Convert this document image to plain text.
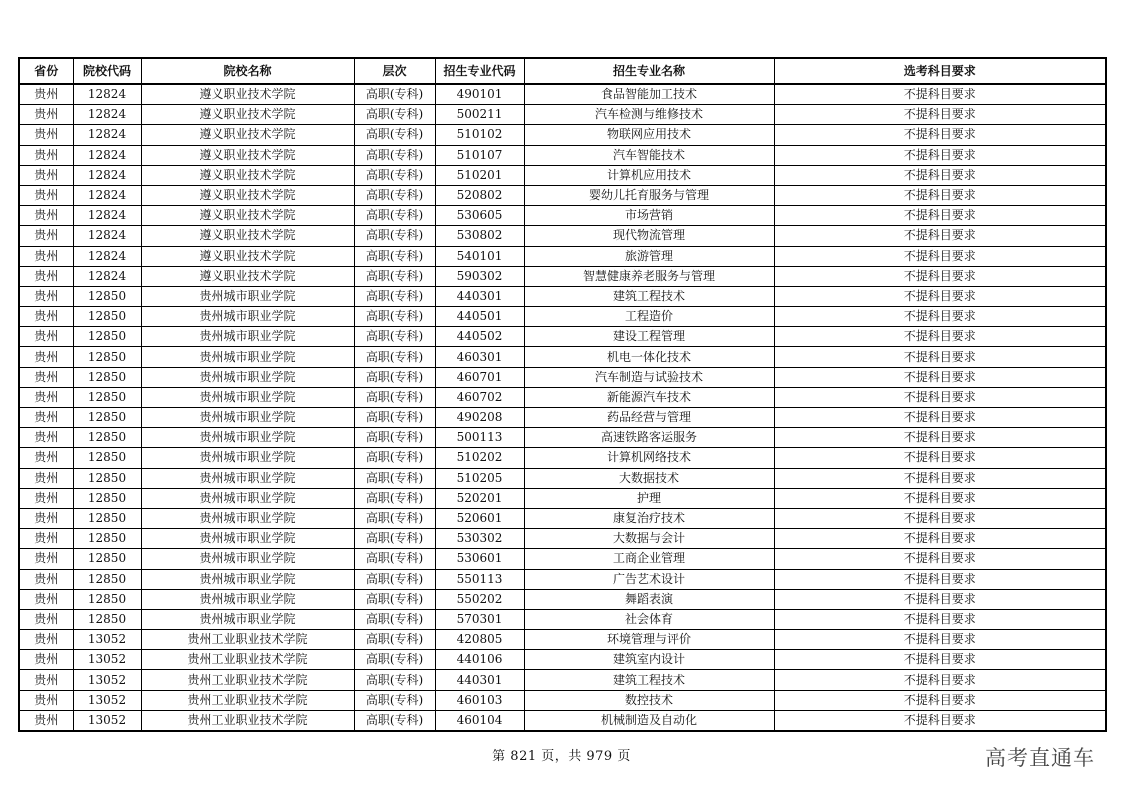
省份	院校代码	院校名称	层次	招生专业代码	招生专业名称	选考科目要求
贵州	12824	遵义职业技术学院	高职(专科)	490101	食品智能加工技术	不提科目要求
贵州	12824	遵义职业技术学院	高职(专科)	500211	汽车检测与维修技术	不提科目要求
贵州	12824	遵义职业技术学院	高职(专科)	510102	物联网应用技术	不提科目要求
贵州	12824	遵义职业技术学院	高职(专科)	510107	汽车智能技术	不提科目要求
贵州	12824	遵义职业技术学院	高职(专科)	510201	计算机应用技术	不提科目要求
贵州	12824	遵义职业技术学院	高职(专科)	520802	婴幼儿托育服务与管理	不提科目要求
贵州	12824	遵义职业技术学院	高职(专科)	530605	市场营销	不提科目要求
贵州	12824	遵义职业技术学院	高职(专科)	530802	现代物流管理	不提科目要求
贵州	12824	遵义职业技术学院	高职(专科)	540101	旅游管理	不提科目要求
贵州	12824	遵义职业技术学院	高职(专科)	590302	智慧健康养老服务与管理	不提科目要求
贵州	12850	贵州城市职业学院	高职(专科)	440301	建筑工程技术	不提科目要求
贵州	12850	贵州城市职业学院	高职(专科)	440501	工程造价	不提科目要求
贵州	12850	贵州城市职业学院	高职(专科)	440502	建设工程管理	不提科目要求
贵州	12850	贵州城市职业学院	高职(专科)	460301	机电一体化技术	不提科目要求
贵州	12850	贵州城市职业学院	高职(专科)	460701	汽车制造与试验技术	不提科目要求
贵州	12850	贵州城市职业学院	高职(专科)	460702	新能源汽车技术	不提科目要求
贵州	12850	贵州城市职业学院	高职(专科)	490208	药品经营与管理	不提科目要求
贵州	12850	贵州城市职业学院	高职(专科)	500113	高速铁路客运服务	不提科目要求
贵州	12850	贵州城市职业学院	高职(专科)	510202	计算机网络技术	不提科目要求
贵州	12850	贵州城市职业学院	高职(专科)	510205	大数据技术	不提科目要求
贵州	12850	贵州城市职业学院	高职(专科)	520201	护理	不提科目要求
贵州	12850	贵州城市职业学院	高职(专科)	520601	康复治疗技术	不提科目要求
贵州	12850	贵州城市职业学院	高职(专科)	530302	大数据与会计	不提科目要求
贵州	12850	贵州城市职业学院	高职(专科)	530601	工商企业管理	不提科目要求
贵州	12850	贵州城市职业学院	高职(专科)	550113	广告艺术设计	不提科目要求
贵州	12850	贵州城市职业学院	高职(专科)	550202	舞蹈表演	不提科目要求
贵州	12850	贵州城市职业学院	高职(专科)	570301	社会体育	不提科目要求
贵州	13052	贵州工业职业技术学院	高职(专科)	420805	环境管理与评价	不提科目要求
贵州	13052	贵州工业职业技术学院	高职(专科)	440106	建筑室内设计	不提科目要求
贵州	13052	贵州工业职业技术学院	高职(专科)	440301	建筑工程技术	不提科目要求
贵州	13052	贵州工业职业技术学院	高职(专科)	460103	数控技术	不提科目要求
贵州	13052	贵州工业职业技术学院	高职(专科)	460104	机械制造及自动化	不提科目要求
第 821 页，共 979 页	高考直通车
